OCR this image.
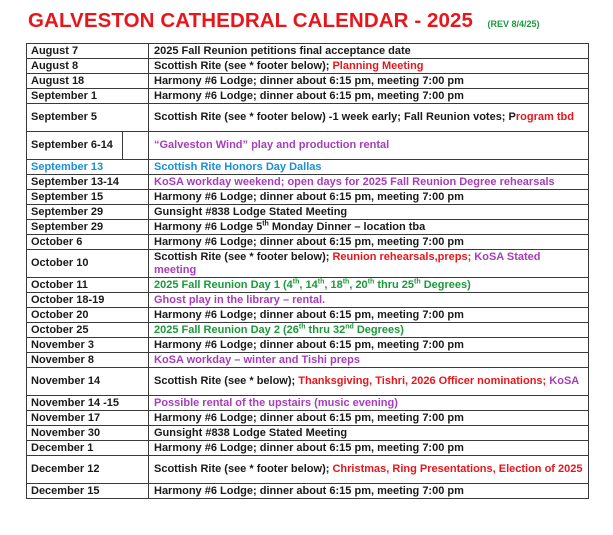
GALVESTON CATHEDRAL CALENDAR - 2025 (REV 8/4/25)
August 7		2025 Fall Reunion petitions final acceptance date
August 8		Scottish Rite (see * footer below); Planning Meeting
August 18		Harmony #6 Lodge; dinner about 6:15 pm, meeting 7:00 pm
September 1		Harmony #6 Lodge; dinner about 6:15 pm, meeting 7:00 pm
September 5		Scottish Rite (see * footer below) -1 week early; Fall Reunion votes; Program tbd
September 6-14		“Galveston Wind” play and production rental
September 13		Scottish Rite Honors Day Dallas
September 13-14		KoSA workday weekend; open days for 2025 Fall Reunion Degree rehearsals
September 15		Harmony #6 Lodge; dinner about 6:15 pm, meeting 7:00 pm
September 29		Gunsight #838 Lodge Stated Meeting
September 29		Harmony #6 Lodge 5th Monday Dinner – location tba
October 6		Harmony #6 Lodge; dinner about 6:15 pm, meeting 7:00 pm
October 10		Scottish Rite (see * footer below); Reunion rehearsals,preps; KoSA Stated meeting
October 11		2025 Fall Reunion Day 1 (4th, 14th, 18th, 20th thru 25th Degrees)
October 18-19		Ghost play in the library – rental.
October 20		Harmony #6 Lodge; dinner about 6:15 pm, meeting 7:00 pm
October 25		2025 Fall Reunion Day 2 (26th thru 32nd Degrees)
November 3		Harmony #6 Lodge; dinner about 6:15 pm, meeting 7:00 pm
November 8		KoSA workday – winter and Tishi preps
November 14		Scottish Rite (see * below); Thanksgiving, Tishri, 2026 Officer nominations; KoSA
November 14 -15		Possible rental of the upstairs (music evening)
November 17		Harmony #6 Lodge; dinner about 6:15 pm, meeting 7:00 pm
November 30		Gunsight #838 Lodge Stated Meeting
December 1		Harmony #6 Lodge; dinner about 6:15 pm, meeting 7:00 pm
December 12		Scottish Rite (see * footer below); Christmas, Ring Presentations, Election of 2025
December 15		Harmony #6 Lodge; dinner about 6:15 pm, meeting 7:00 pm
